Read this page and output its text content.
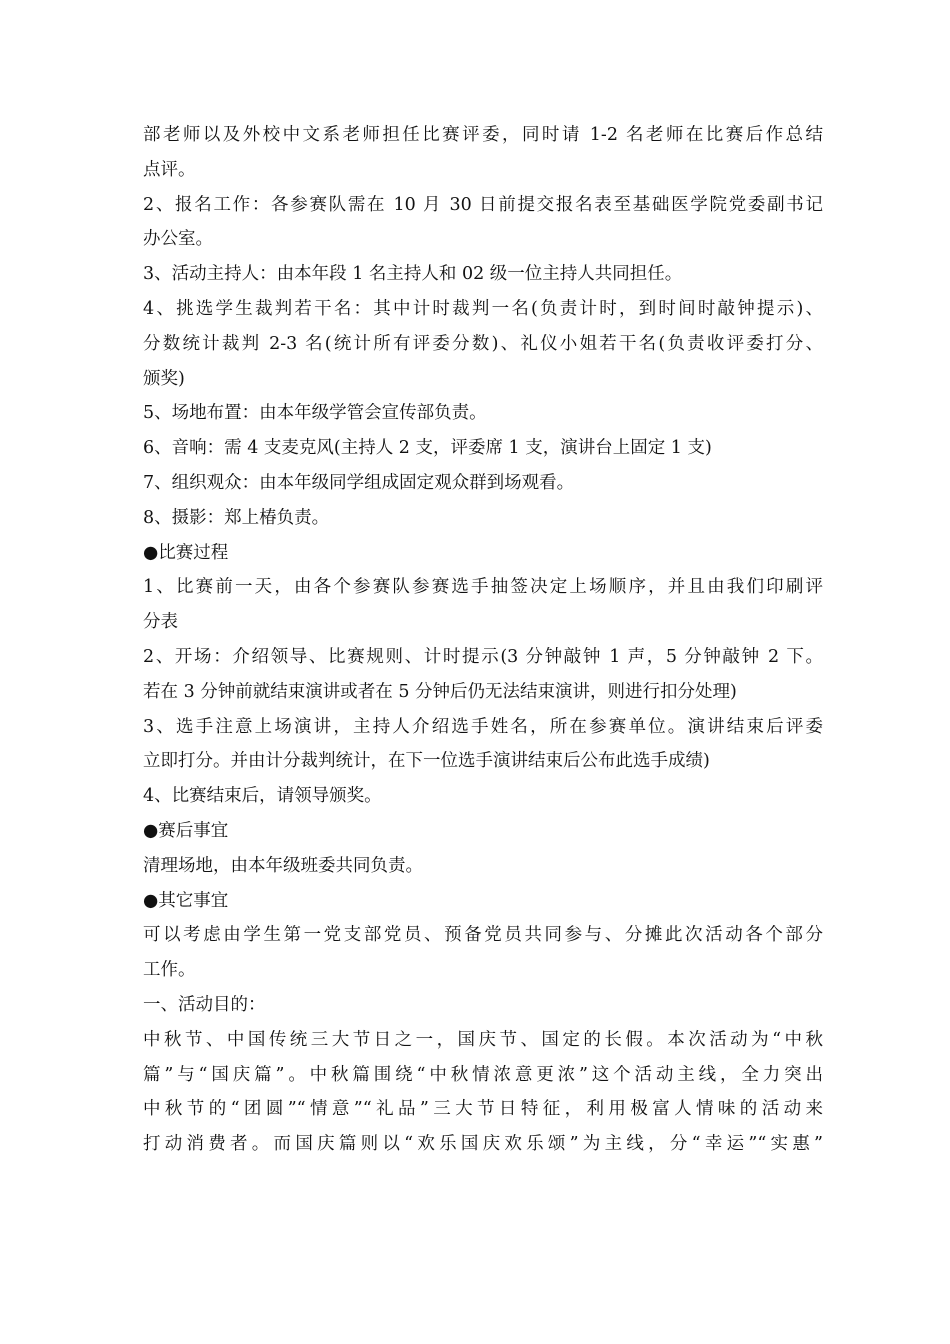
部老师以及外校中文系老师担任比赛评委，同时请 1-2 名老师在比赛后作总结
点评。
2、报名工作：各参赛队需在 10 月 30 日前提交报名表至基础医学院党委副书记
办公室。
3、活动主持人：由本年段 1 名主持人和 02 级一位主持人共同担任。
4、挑选学生裁判若干名：其中计时裁判一名(负责计时，到时间时敲钟提示)、
分数统计裁判 2-3 名(统计所有评委分数)、礼仪小姐若干名(负责收评委打分、
颁奖)
5、场地布置：由本年级学管会宣传部负责。
6、音响：需 4 支麦克风(主持人 2 支，评委席 1 支，演讲台上固定 1 支)
7、组织观众：由本年级同学组成固定观众群到场观看。
8、摄影：郑上椿负责。
●比赛过程
1、比赛前一天，由各个参赛队参赛选手抽签决定上场顺序，并且由我们印刷评
分表
2、开场：介绍领导、比赛规则、计时提示(3 分钟敲钟 1 声，5 分钟敲钟 2 下。
若在 3 分钟前就结束演讲或者在 5 分钟后仍无法结束演讲，则进行扣分处理)
3、选手注意上场演讲，主持人介绍选手姓名，所在参赛单位。演讲结束后评委
立即打分。并由计分裁判统计，在下一位选手演讲结束后公布此选手成绩)
4、比赛结束后，请领导颁奖。
●赛后事宜
清理场地，由本年级班委共同负责。
●其它事宜
可以考虑由学生第一党支部党员、预备党员共同参与、分摊此次活动各个部分
工作。
一、活动目的：
中秋节、中国传统三大节日之一，国庆节、国定的长假。本次活动为“中秋
篇”与“国庆篇”。中秋篇围绕“中秋情浓意更浓”这个活动主线，全力突出
中秋节的“团圆”“情意”“礼品”三大节日特征，利用极富人情味的活动来
打动消费者。而国庆篇则以“欢乐国庆欢乐颂”为主线，分“幸运”“实惠”
